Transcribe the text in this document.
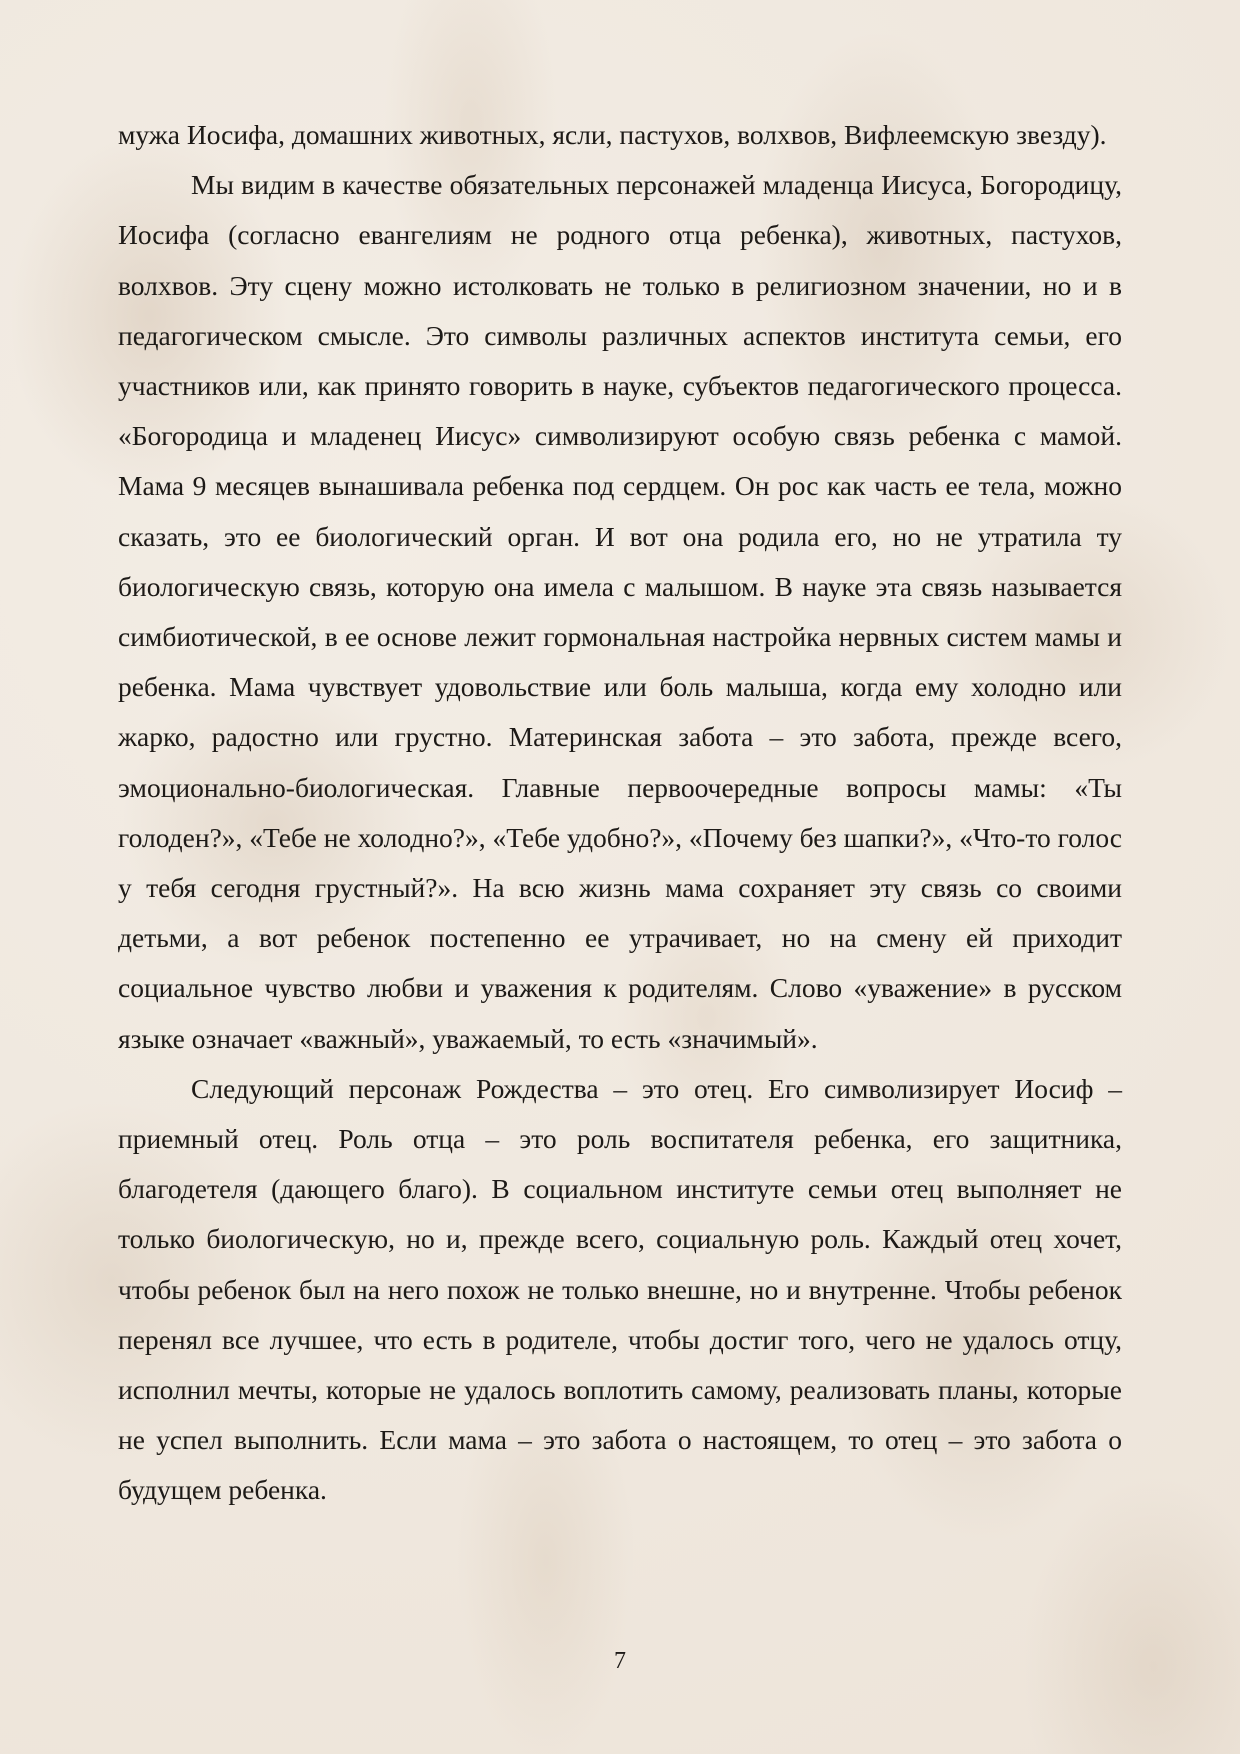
мужа Иосифа, домашних животных, ясли, пастухов, волхвов, Вифлеемскую звезду).

Мы видим в качестве обязательных персонажей младенца Иисуса, Богородицу, Иосифа (согласно евангелиям не родного отца ребенка), животных, пастухов, волхвов. Эту сцену можно истолковать не только в религиозном значении, но и в педагогическом смысле. Это символы различных аспектов института семьи, его участников или, как принято говорить в науке, субъектов педагогического процесса. «Богородица и младенец Иисус» символизируют особую связь ребенка с мамой. Мама 9 месяцев вынашивала ребенка под сердцем. Он рос как часть ее тела, можно сказать, это ее биологический орган. И вот она родила его, но не утратила ту биологическую связь, которую она имела с малышом. В науке эта связь называется симбиотической, в ее основе лежит гормональная настройка нервных систем мамы и ребенка. Мама чувствует удовольствие или боль малыша, когда ему холодно или жарко, радостно или грустно. Материнская забота – это забота, прежде всего, эмоционально-биологическая. Главные первоочередные вопросы мамы: «Ты голоден?», «Тебе не холодно?», «Тебе удобно?», «Почему без шапки?», «Что-то голос у тебя сегодня грустный?». На всю жизнь мама сохраняет эту связь со своими детьми, а вот ребенок постепенно ее утрачивает, но на смену ей приходит социальное чувство любви и уважения к родителям. Слово «уважение» в русском языке означает «важный», уважаемый, то есть «значимый».

Следующий персонаж Рождества – это отец. Его символизирует Иосиф – приемный отец. Роль отца – это роль воспитателя ребенка, его защитника, благодетеля (дающего благо). В социальном институте семьи отец выполняет не только биологическую, но и, прежде всего, социальную роль. Каждый отец хочет, чтобы ребенок был на него похож не только внешне, но и внутренне. Чтобы ребенок перенял все лучшее, что есть в родителе, чтобы достиг того, чего не удалось отцу, исполнил мечты, которые не удалось воплотить самому, реализовать планы, которые не успел выполнить. Если мама – это забота о настоящем, то отец – это забота о будущем ребенка.

7
